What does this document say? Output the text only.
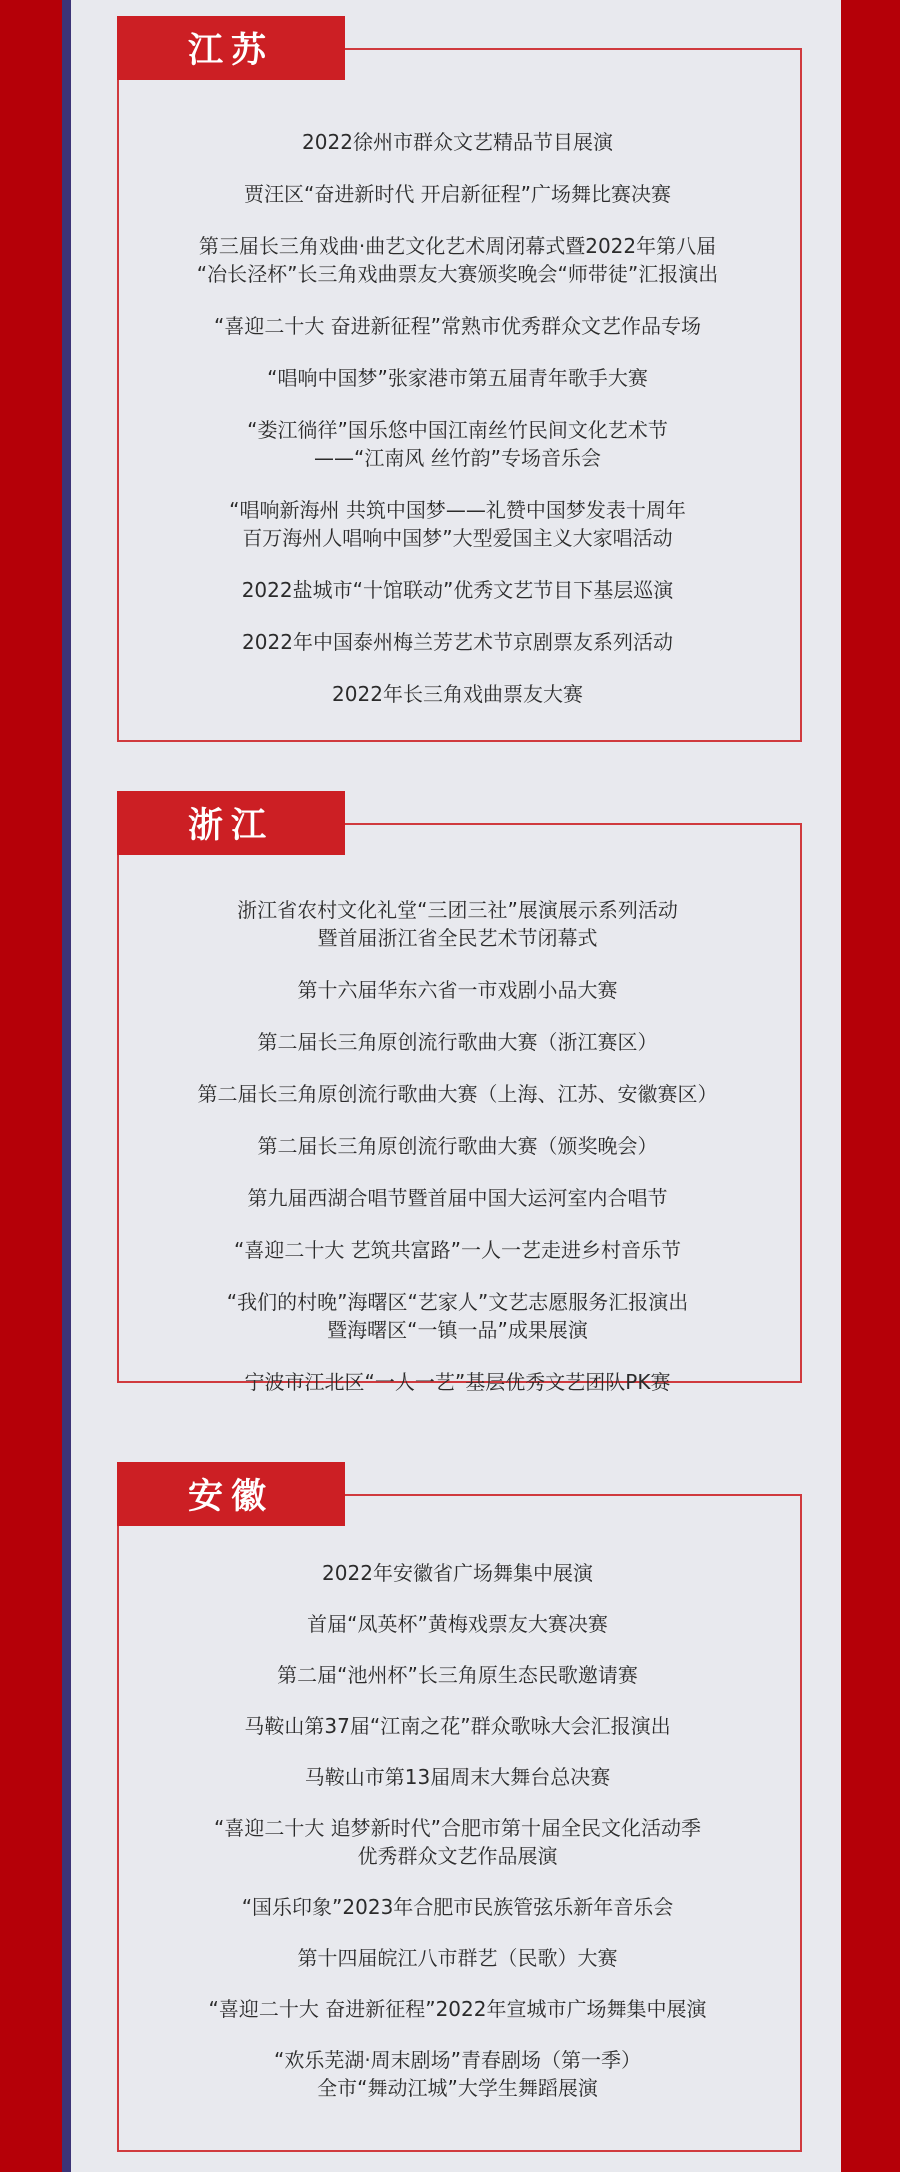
江苏
2022徐州市群众文艺精品节目展演
贾汪区“奋进新时代 开启新征程”广场舞比赛决赛
第三届长三角戏曲·曲艺文化艺术周闭幕式暨2022年第八届
“冶长泾杯”长三角戏曲票友大赛颁奖晚会“师带徒”汇报演出
“喜迎二十大 奋进新征程”常熟市优秀群众文艺作品专场
“唱响中国梦”张家港市第五届青年歌手大赛
“娄江徜徉”国乐悠中国江南丝竹民间文化艺术节
——“江南风 丝竹韵”专场音乐会
“唱响新海州 共筑中国梦——礼赞中国梦发表十周年
百万海州人唱响中国梦”大型爱国主义大家唱活动
2022盐城市“十馆联动”优秀文艺节目下基层巡演
2022年中国泰州梅兰芳艺术节京剧票友系列活动
2022年长三角戏曲票友大赛
浙江
浙江省农村文化礼堂“三团三社”展演展示系列活动
暨首届浙江省全民艺术节闭幕式
第十六届华东六省一市戏剧小品大赛
第二届长三角原创流行歌曲大赛（浙江赛区）
第二届长三角原创流行歌曲大赛（上海、江苏、安徽赛区）
第二届长三角原创流行歌曲大赛（颁奖晚会）
第九届西湖合唱节暨首届中国大运河室内合唱节
“喜迎二十大 艺筑共富路”一人一艺走进乡村音乐节
“我们的村晚”海曙区“艺家人”文艺志愿服务汇报演出
暨海曙区“一镇一品”成果展演
宁波市江北区“一人一艺”基层优秀文艺团队PK赛
安徽
2022年安徽省广场舞集中展演
首届“凤英杯”黄梅戏票友大赛决赛
第二届“池州杯”长三角原生态民歌邀请赛
马鞍山第37届“江南之花”群众歌咏大会汇报演出
马鞍山市第13届周末大舞台总决赛
“喜迎二十大 追梦新时代”合肥市第十届全民文化活动季
优秀群众文艺作品展演
“国乐印象”2023年合肥市民族管弦乐新年音乐会
第十四届皖江八市群艺（民歌）大赛
“喜迎二十大 奋进新征程”2022年宣城市广场舞集中展演
“欢乐芜湖·周末剧场”青春剧场（第一季）
全市“舞动江城”大学生舞蹈展演
